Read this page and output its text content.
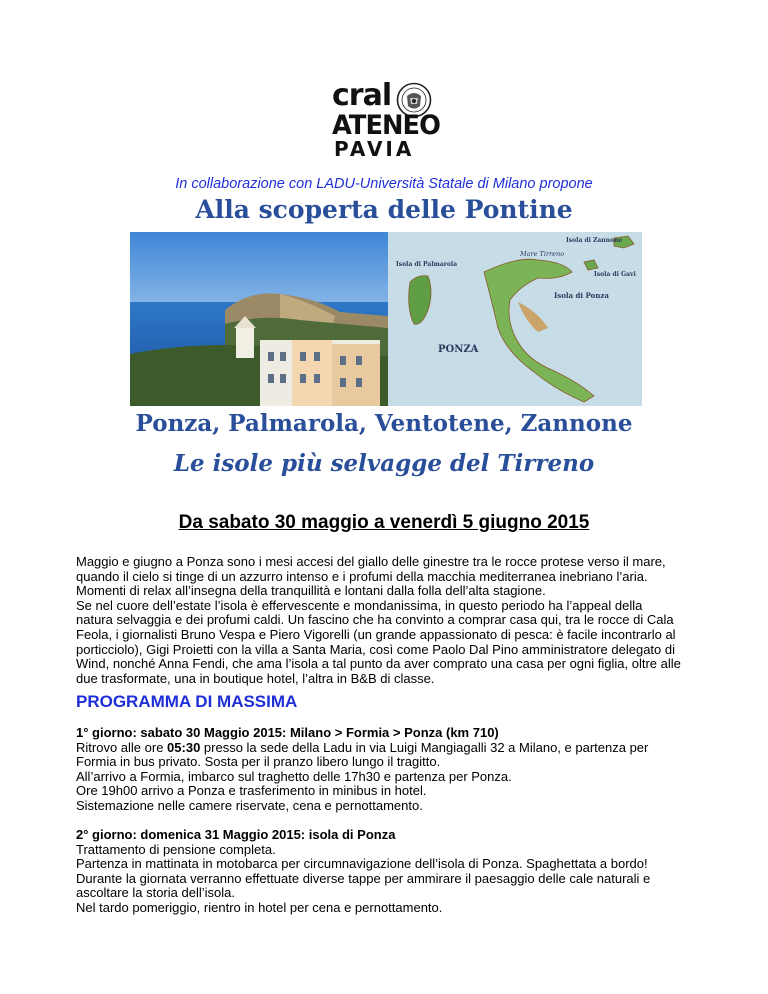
cral
ATENEO
PAVIA
In collaborazione con LADU-Università Statale di Milano propone
Alla scoperta delle Pontine
Mare Tirreno
Isola di Zannone
Isola di Palmarola
Isola di Gavi
Isola di Ponza
PONZA
Ponza, Palmarola, Ventotene, Zannone
Le isole più selvagge del Tirreno
Da sabato 30 maggio a venerdì 5 giugno 2015

Maggio e giugno a Ponza sono i mesi accesi del giallo delle ginestre tra le rocce protese verso il mare,

quando il cielo si tinge di un azzurro intenso e i profumi della macchia mediterranea inebriano l’aria.

Momenti di relax all’insegna della tranquillità e lontani dalla folla dell’alta stagione.

Se nel cuore dell’estate l’isola è effervescente e mondanissima, in questo periodo ha l’appeal della

natura selvaggia e dei profumi caldi. Un fascino che ha convinto a comprar casa qui, tra le rocce di Cala

Feola, i giornalisti Bruno Vespa e Piero Vigorelli (un grande appassionato di pesca: è facile incontrarlo al

porticciolo), Gigi Proietti con la villa a Santa Maria, così come Paolo Dal Pino amministratore delegato di

Wind, nonché Anna Fendi, che ama l’isola a tal punto da aver comprato una casa per ogni figlia, oltre alle

due trasformate, una in boutique hotel, l’altra in B&B di classe.

PROGRAMMA DI MASSIMA

1° giorno: sabato 30 Maggio 2015: Milano > Formia > Ponza (km 710)

Ritrovo alle ore 05:30 presso la sede della Ladu in via Luigi Mangiagalli 32 a Milano, e partenza per

Formia in bus privato. Sosta per il pranzo libero lungo il tragitto.

All’arrivo a Formia, imbarco sul traghetto delle 17h30 e partenza per Ponza.

Ore 19h00 arrivo a Ponza e trasferimento in minibus in hotel.

Sistemazione nelle camere riservate, cena e pernottamento.

2° giorno: domenica 31 Maggio 2015: isola di Ponza

Trattamento di pensione completa.

Partenza in mattinata in motobarca per circumnavigazione dell’isola di Ponza. Spaghettata a bordo!

Durante la giornata verranno effettuate diverse tappe per ammirare il paesaggio delle cale naturali e

ascoltare la storia dell’isola.

Nel tardo pomeriggio, rientro in hotel per cena e pernottamento.
